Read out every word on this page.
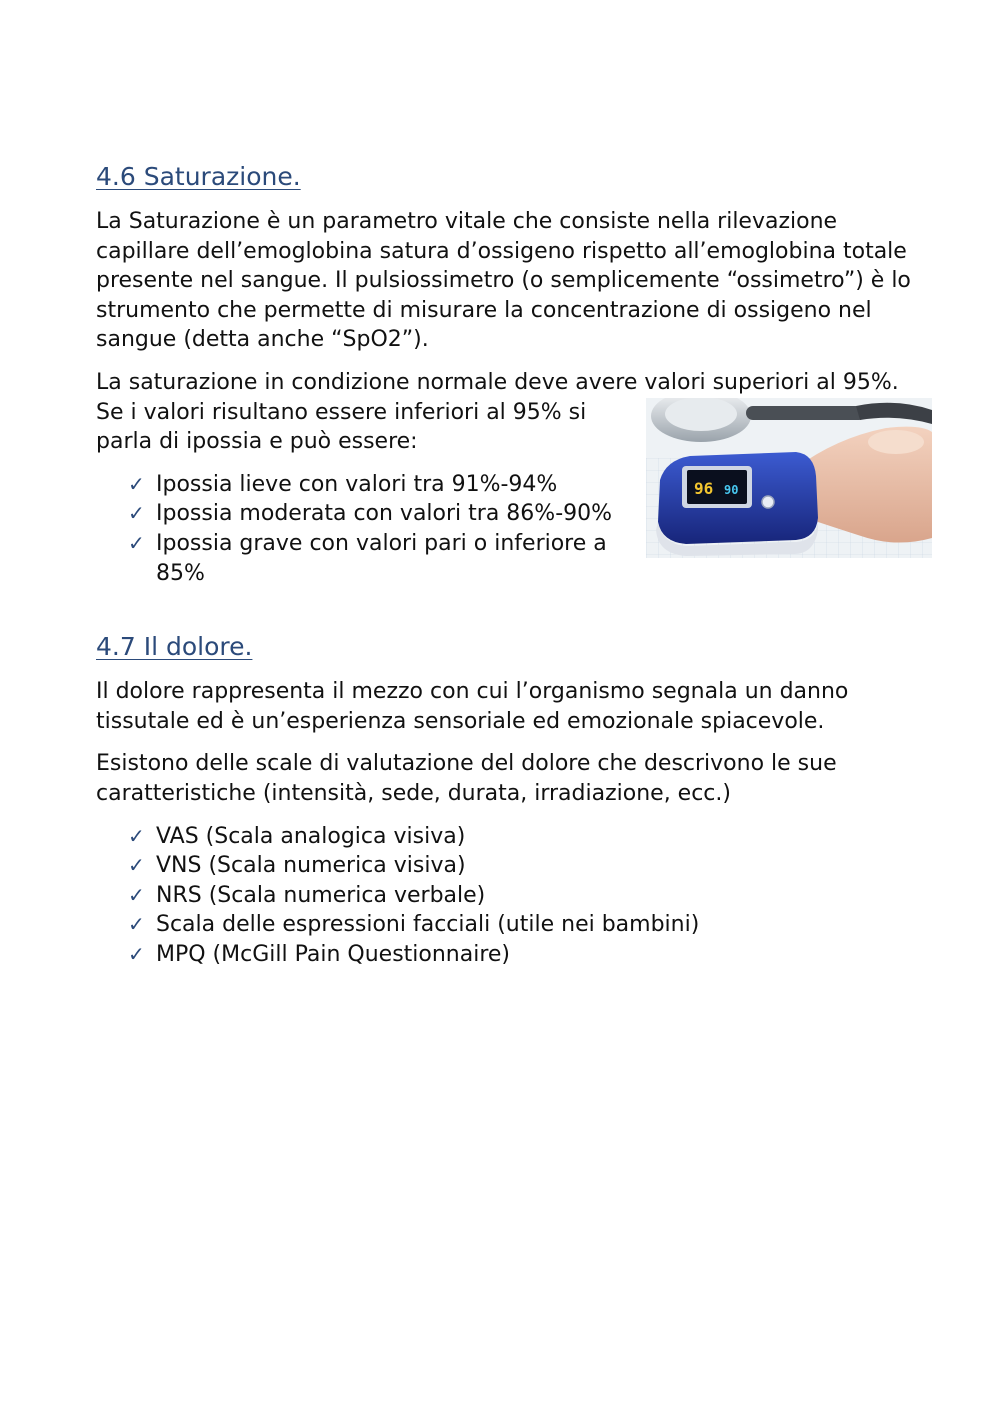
4.6 Saturazione.

La Saturazione è un parametro vitale che consiste nella rilevazione capillare dell’emoglobina satura d’ossigeno rispetto all’emoglobina totale presente nel sangue. Il pulsiossimetro (o semplicemente “ossimetro”) è lo strumento che permette di misurare la concentrazione di ossigeno nel sangue (detta anche “SpO2”).

La saturazione in condizione normale deve avere valori superiori al 95%.

Se i valori risultano essere inferiori al 95% si parla di ipossia e può essere:

✓ Ipossia lieve con valori tra 91%-94%
✓ Ipossia moderata con valori tra 86%-90%
✓ Ipossia grave con valori pari o inferiore a 85%
96 90
4.7 Il dolore.

Il dolore rappresenta il mezzo con cui l’organismo segnala un danno tissutale ed è un’esperienza sensoriale ed emozionale spiacevole.

Esistono delle scale di valutazione del dolore che descrivono le sue caratteristiche (intensità, sede, durata, irradiazione, ecc.)

✓ VAS (Scala analogica visiva)
✓ VNS (Scala numerica visiva)
✓ NRS (Scala numerica verbale)
✓ Scala delle espressioni facciali (utile nei bambini)
✓ MPQ (McGill Pain Questionnaire)
